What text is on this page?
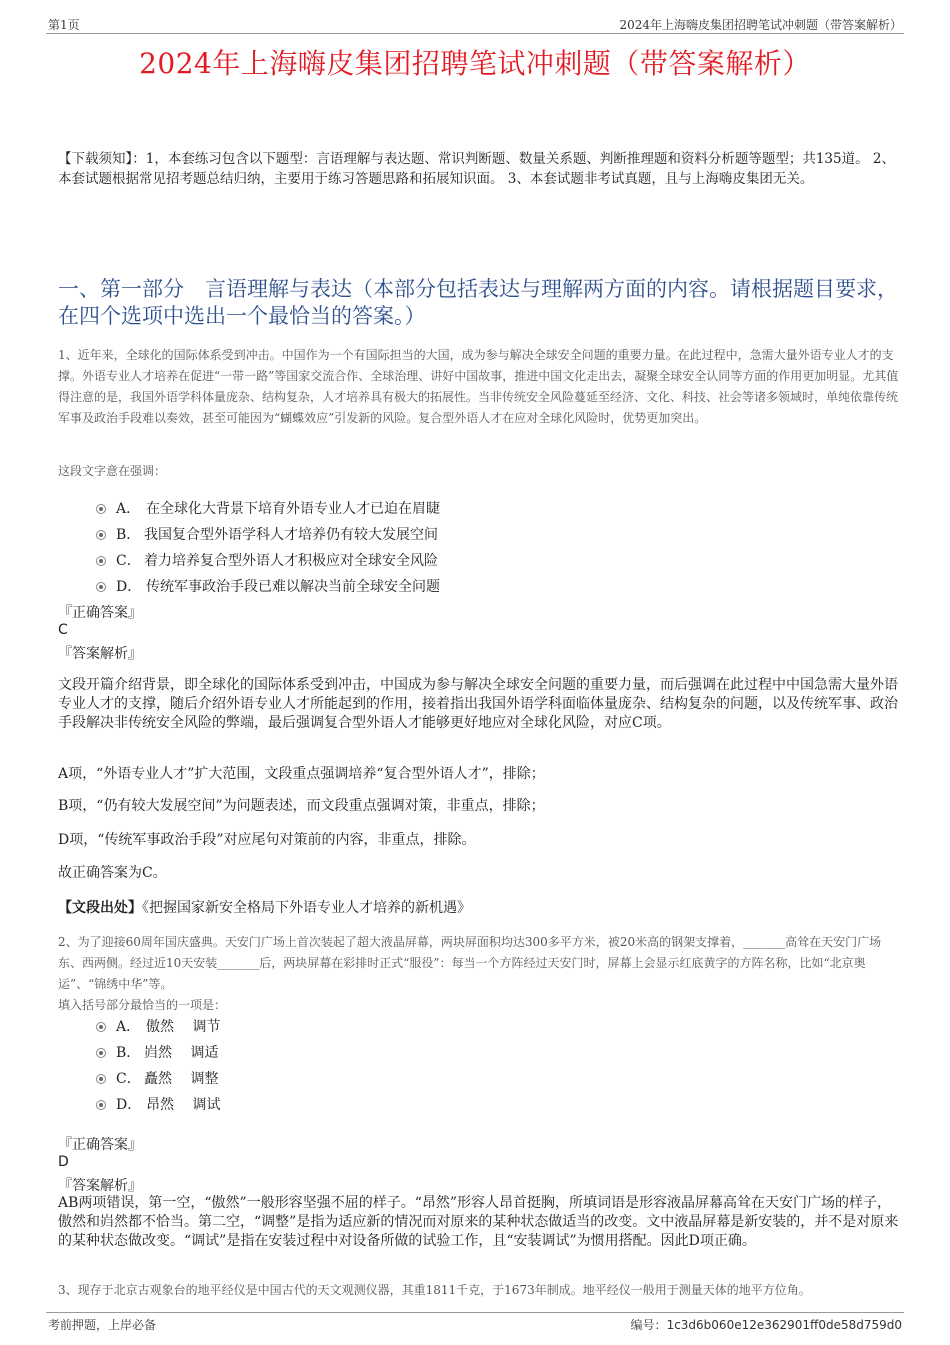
第1页	2024年上海嗨皮集团招聘笔试冲刺题（带答案解析）
2024年上海嗨皮集团招聘笔试冲刺题（带答案解析）
【下载须知】：1，本套练习包含以下题型：言语理解与表达题、常识判断题、数量关系题、判断推理题和资料分析题等题型；共135道。 2、本套试题根据常见招考题总结归纳，主要用于练习答题思路和拓展知识面。 3、本套试题非考试真题，且与上海嗨皮集团无关。
一、第一部分　言语理解与表达（本部分包括表达与理解两方面的内容。请根据题目要求，在四个选项中选出一个最恰当的答案。）
1、近年来，全球化的国际体系受到冲击。中国作为一个有国际担当的大国，成为参与解决全球安全问题的重要力量。在此过程中，急需大量外语专业人才的支撑。外语专业人才培养在促进“一带一路”等国家交流合作、全球治理、讲好中国故事，推进中国文化走出去，凝聚全球安全认同等方面的作用更加明显。尤其值得注意的是，我国外语学科体量庞杂、结构复杂，人才培养具有极大的拓展性。当非传统安全风险蔓延至经济、文化、科技、社会等诸多领域时，单纯依靠传统军事及政治手段难以奏效，甚至可能因为“蝴蝶效应”引发新的风险。复合型外语人才在应对全球化风险时，优势更加突出。
这段文字意在强调：
A． 在全球化大背景下培育外语专业人才已迫在眉睫
B． 我国复合型外语学科人才培养仍有较大发展空间
C． 着力培养复合型外语人才积极应对全球安全风险
D． 传统军事政治手段已难以解决当前全球安全问题
『正确答案』
C
『答案解析』
文段开篇介绍背景，即全球化的国际体系受到冲击，中国成为参与解决全球安全问题的重要力量，而后强调在此过程中中国急需大量外语专业人才的支撑，随后介绍外语专业人才所能起到的作用，接着指出我国外语学科面临体量庞杂、结构复杂的问题，以及传统军事、政治手段解决非传统安全风险的弊端，最后强调复合型外语人才能够更好地应对全球化风险，对应C项。
A项，“外语专业人才”扩大范围，文段重点强调培养“复合型外语人才”，排除；
B项，“仍有较大发展空间”为问题表述，而文段重点强调对策，非重点，排除；
D项，“传统军事政治手段”对应尾句对策前的内容，非重点，排除。
故正确答案为C。
【文段出处】《把握国家新安全格局下外语专业人才培养的新机遇》
2、为了迎接60周年国庆盛典。天安门广场上首次装起了超大液晶屏幕，两块屏面积均达300多平方米，被20米高的钢架支撑着，_______高耸在天安门广场东、西两侧。经过近10天安装_______后，两块屏幕在彩排时正式“服役”：每当一个方阵经过天安门时，屏幕上会显示红底黄字的方阵名称，比如“北京奥运”、“锦绣中华”等。
填入括号部分最恰当的一项是：
A． 傲然　 调节
B． 岿然　 调适
C． 矗然　 调整
D． 昂然　 调试
『正确答案』
D
『答案解析』
AB两项错误，第一空，“傲然”一般形容坚强不屈的样子。“昂然”形容人昂首挺胸，所填词语是形容液晶屏幕高耸在天安门广场的样子，傲然和岿然都不恰当。第二空，“调整”是指为适应新的情况而对原来的某种状态做适当的改变。文中液晶屏幕是新安装的，并不是对原来的某种状态做改变。“调试”是指在安装过程中对设备所做的试验工作，且“安装调试”为惯用搭配。因此D项正确。
3、现存于北京古观象台的地平经仪是中国古代的天文观测仪器，其重1811千克，于1673年制成。地平经仪一般用于测量天体的地平方位角。
考前押题，上岸必备	编号：1c3d6b060e12e362901ff0de58d759d0
